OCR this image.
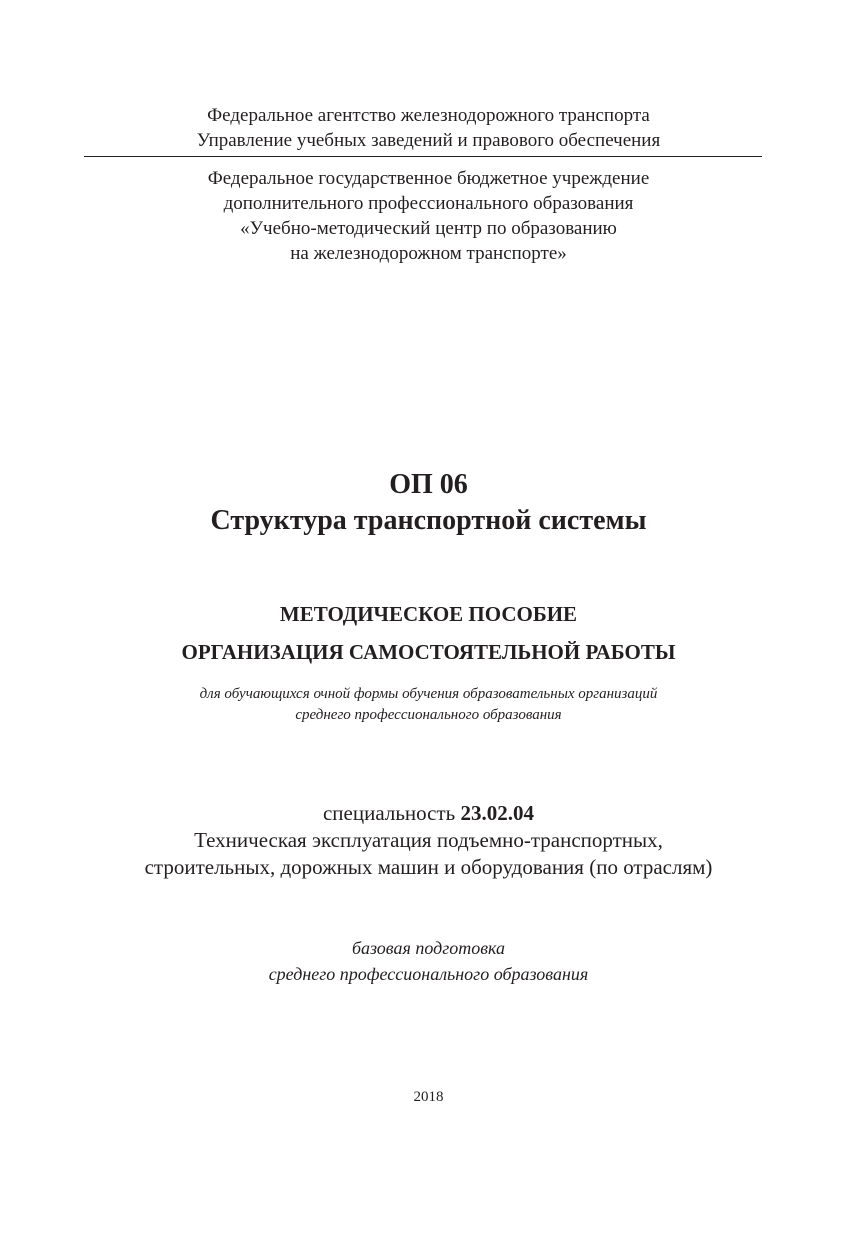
Федеральное агентство железнодорожного транспорта
Управление учебных заведений и правового обеспечения
Федеральное государственное бюджетное учреждение
дополнительного профессионального образования
«Учебно-методический центр по образованию
на железнодорожном транспорте»
ОП 06
Структура транспортной системы
МЕТОДИЧЕСКОЕ ПОСОБИЕ
ОРГАНИЗАЦИЯ САМОСТОЯТЕЛЬНОЙ РАБОТЫ
для обучающихся очной формы обучения образовательных организаций
среднего профессионального образования
специальность 23.02.04
Техническая эксплуатация подъемно-транспортных,
строительных, дорожных машин и оборудования (по отраслям)
базовая подготовка
среднего профессионального образования
2018
